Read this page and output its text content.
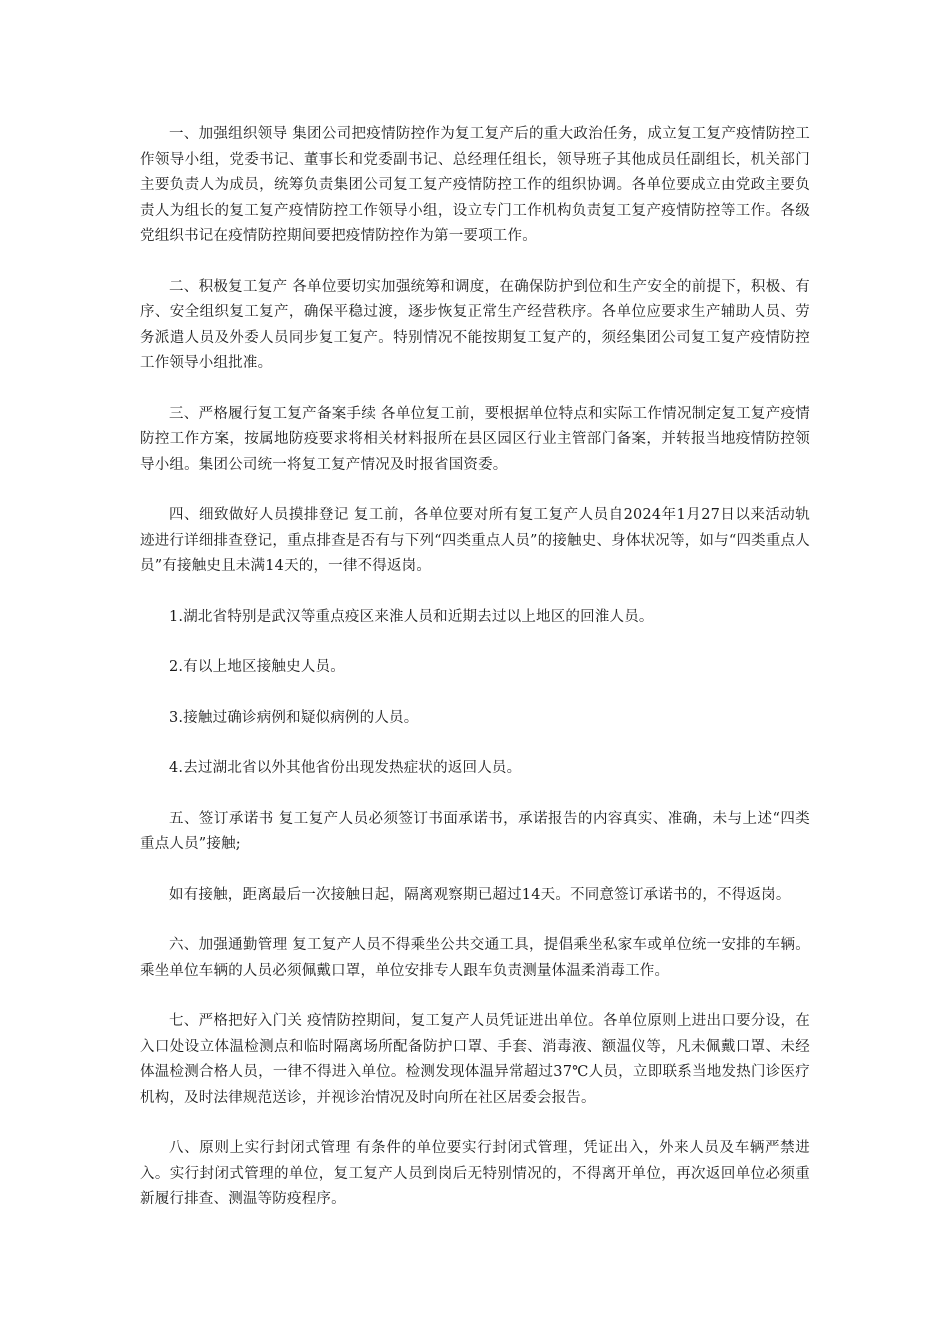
一、加强组织领导 集团公司把疫情防控作为复工复产后的重大政治任务，成立复工复产疫情防控工作领导小组，党委书记、董事长和党委副书记、总经理任组长，领导班子其他成员任副组长，机关部门主要负责人为成员，统筹负责集团公司复工复产疫情防控工作的组织协调。各单位要成立由党政主要负责人为组长的复工复产疫情防控工作领导小组，设立专门工作机构负责复工复产疫情防控等工作。各级党组织书记在疫情防控期间要把疫情防控作为第一要项工作。

二、积极复工复产 各单位要切实加强统筹和调度，在确保防护到位和生产安全的前提下，积极、有序、安全组织复工复产，确保平稳过渡，逐步恢复正常生产经营秩序。各单位应要求生产辅助人员、劳务派遣人员及外委人员同步复工复产。特别情况不能按期复工复产的，须经集团公司复工复产疫情防控工作领导小组批准。

三、严格履行复工复产备案手续 各单位复工前，要根据单位特点和实际工作情况制定复工复产疫情防控工作方案，按属地防疫要求将相关材料报所在县区园区行业主管部门备案，并转报当地疫情防控领导小组。集团公司统一将复工复产情况及时报省国资委。

四、细致做好人员摸排登记 复工前，各单位要对所有复工复产人员自2024年1月27日以来活动轨迹进行详细排查登记，重点排查是否有与下列“四类重点人员”的接触史、身体状况等，如与“四类重点人员”有接触史且未满14天的，一律不得返岗。

1.湖北省特别是武汉等重点疫区来淮人员和近期去过以上地区的回淮人员。

2.有以上地区接触史人员。

3.接触过确诊病例和疑似病例的人员。

4.去过湖北省以外其他省份出现发热症状的返回人员。

五、签订承诺书 复工复产人员必须签订书面承诺书，承诺报告的内容真实、准确，未与上述“四类重点人员”接触;

如有接触，距离最后一次接触日起，隔离观察期已超过14天。不同意签订承诺书的，不得返岗。

六、加强通勤管理 复工复产人员不得乘坐公共交通工具，提倡乘坐私家车或单位统一安排的车辆。乘坐单位车辆的人员必须佩戴口罩，单位安排专人跟车负责测量体温柔消毒工作。

七、严格把好入门关 疫情防控期间，复工复产人员凭证进出单位。各单位原则上进出口要分设，在入口处设立体温检测点和临时隔离场所配备防护口罩、手套、消毒液、额温仪等，凡未佩戴口罩、未经体温检测合格人员，一律不得进入单位。检测发现体温异常超过37℃人员，立即联系当地发热门诊医疗机构，及时法律规范送诊，并视诊治情况及时向所在社区居委会报告。

八、原则上实行封闭式管理 有条件的单位要实行封闭式管理，凭证出入，外来人员及车辆严禁进入。实行封闭式管理的单位，复工复产人员到岗后无特别情况的，不得离开单位，再次返回单位必须重新履行排查、测温等防疫程序。
